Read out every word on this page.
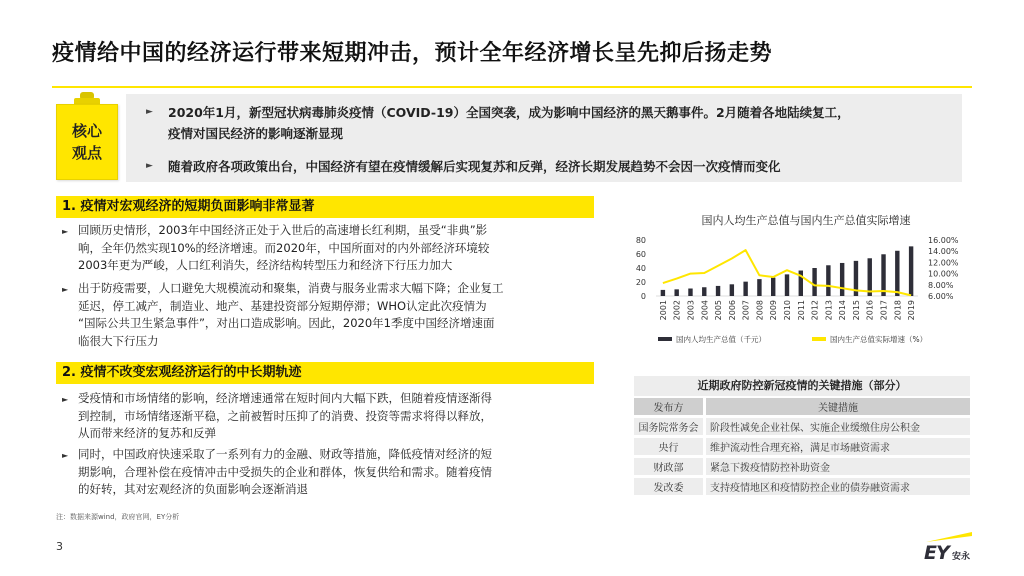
疫情给中国的经济运行带来短期冲击，预计全年经济增长呈先抑后扬走势
核心
观点
►	2020年1月，新型冠状病毒肺炎疫情（COVID-19）全国突袭，成为影响中国经济的黑天鹅事件。2月随着各地陆续复工，
疫情对国民经济的影响逐渐显现
►	随着政府各项政策出台，中国经济有望在疫情缓解后实现复苏和反弹，经济长期发展趋势不会因一次疫情而变化
1. 疫情对宏观经济的短期负面影响非常显著
► 回顾历史情形，2003年中国经济正处于入世后的高速增长红利期，虽受“非典”影
响，全年仍然实现10%的经济增速。而2020年，中国所面对的内外部经济环境较
2003年更为严峻，人口红利消失，经济结构转型压力和经济下行压力加大
► 出于防疫需要，人口避免大规模流动和聚集，消费与服务业需求大幅下降；企业复工
延迟，停工减产，制造业、地产、基建投资部分短期停滞；WHO认定此次疫情为
“国际公共卫生紧急事件”，对出口造成影响。因此，2020年1季度中国经济增速面
临很大下行压力
2. 疫情不改变宏观经济运行的中长期轨迹
► 受疫情和市场情绪的影响，经济增速通常在短时间内大幅下跌，但随着疫情逐渐得
到控制，市场情绪逐渐平稳，之前被暂时压抑了的消费、投资等需求将得以释放，
从而带来经济的复苏和反弹
► 同时，中国政府快速采取了一系列有力的金融、财政等措施，降低疫情对经济的短
期影响，合理补偿在疫情冲击中受损失的企业和群体，恢复供给和需求。随着疫情
的好转，其对宏观经济的负面影响会逐渐消退
注：数据来源wind，政府官网，EY分析
3
国内人均生产总值与国内生产总值实际增速
80
60
40
20
0
16.00%
14.00%
12.00%
10.00%
8.00%
6.00%
2001 2002 2003 2004 2005 2006 2007 2008 2009 2010 2011 2012 2013 2014 2015 2016 2017 2018 2019
国内人均生产总值（千元）	国内生产总值实际增速（%）
近期政府防控新冠疫情的关键措施（部分）
发布方	关键措施
国务院常务会	阶段性减免企业社保、实施企业缓缴住房公积金
央行	维护流动性合理充裕，满足市场融资需求
财政部	紧急下拨疫情防控补助资金
发改委	支持疫情地区和疫情防控企业的债券融资需求
EY 安永
